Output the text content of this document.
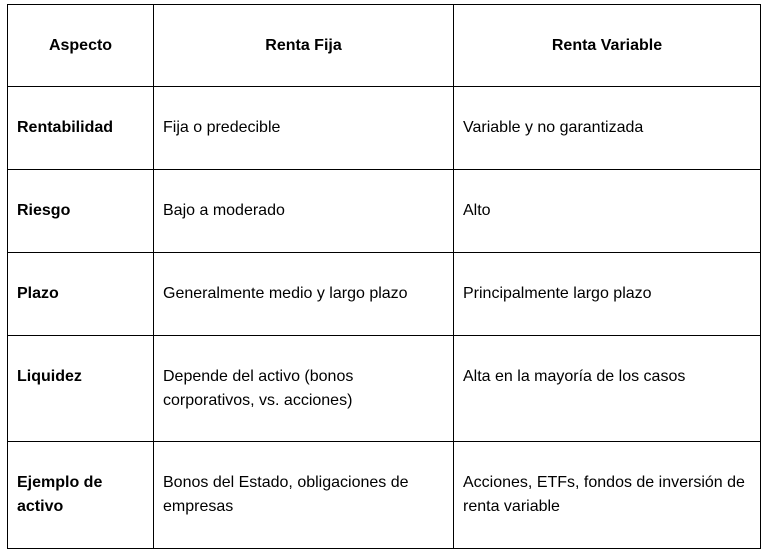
Aspecto	Renta Fija	Renta Variable
Rentabilidad	Fija o predecible	Variable y no garantizada
Riesgo	Bajo a moderado	Alto
Plazo	Generalmente medio y largo plazo	Principalmente largo plazo
Liquidez	Depende del activo (bonos corporativos, vs. acciones)	Alta en la mayoría de los casos
Ejemplo de activo	Bonos del Estado, obligaciones de empresas	Acciones, ETFs, fondos de inversión de renta variable
